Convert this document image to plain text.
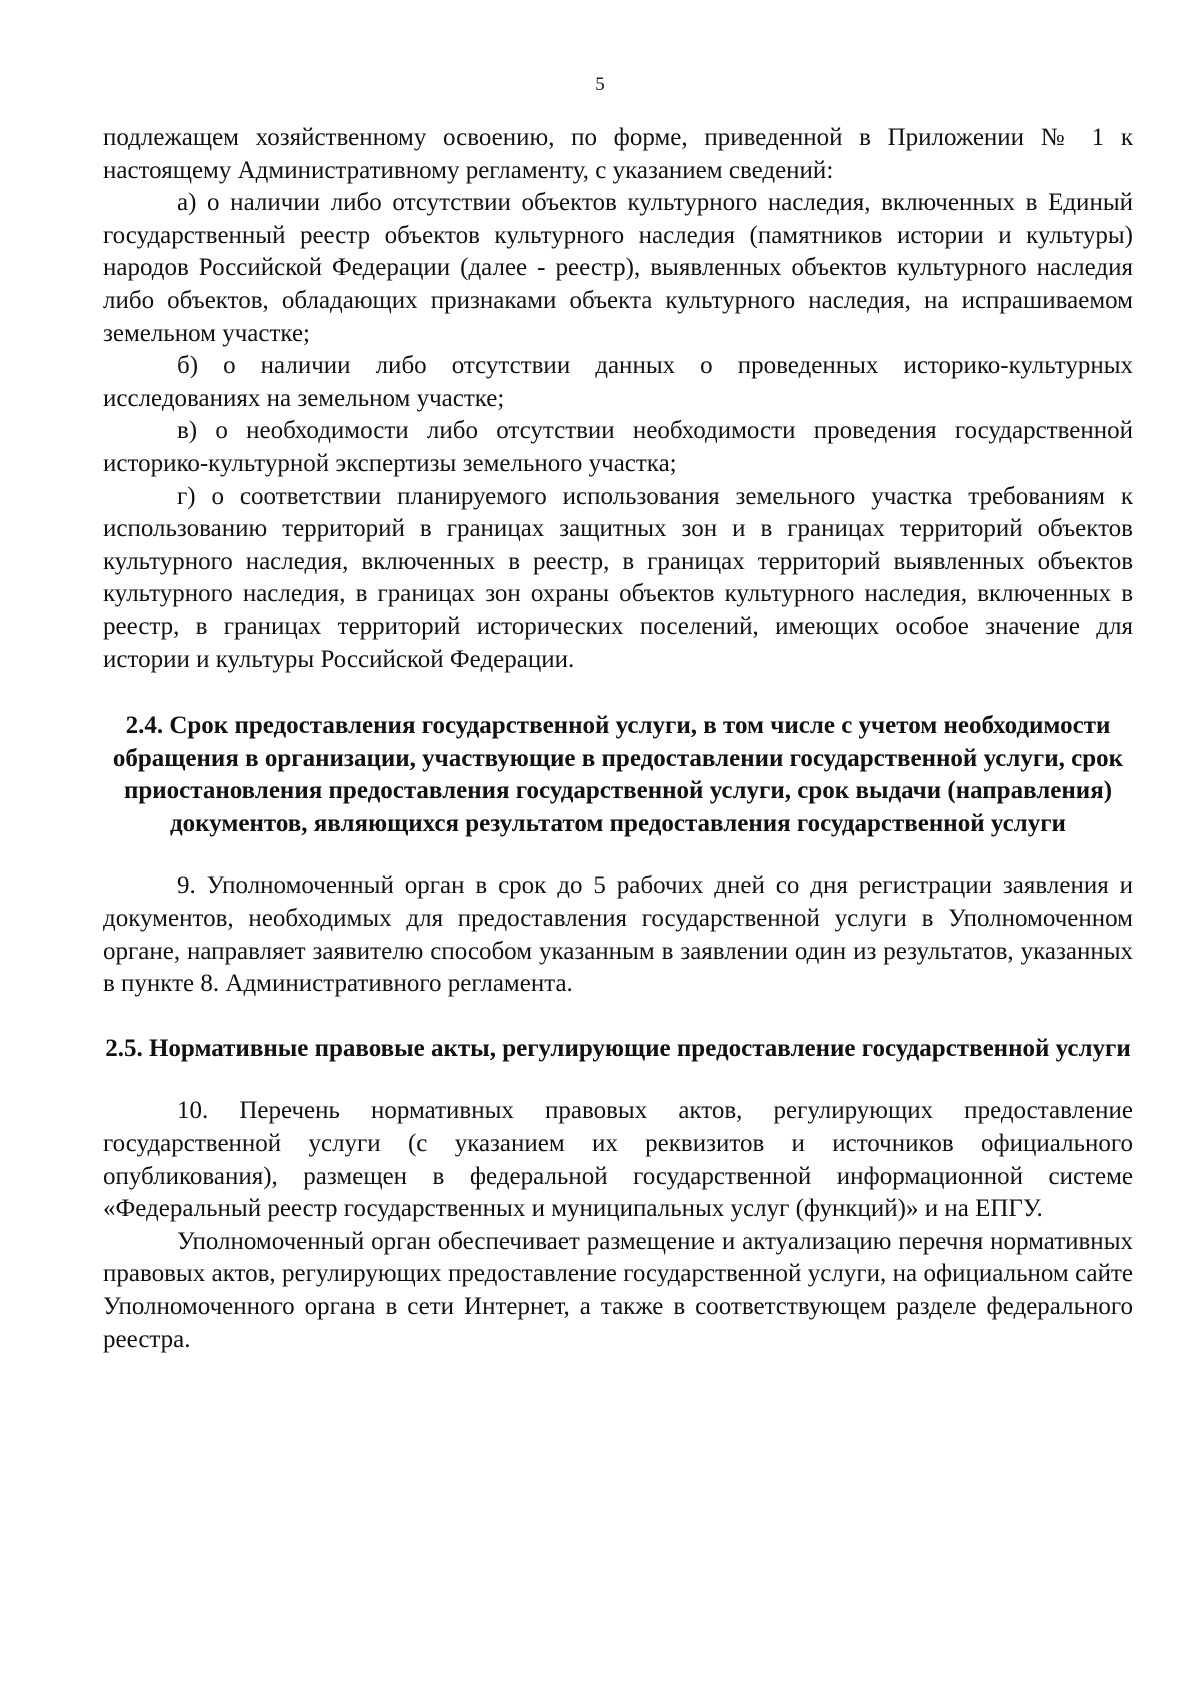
5

подлежащем хозяйственному освоению, по форме, приведенной в Приложении № 1 к настоящему Административному регламенту, с указанием сведений:

а) о наличии либо отсутствии объектов культурного наследия, включенных в Единый государственный реестр объектов культурного наследия (памятников истории и культуры) народов Российской Федерации (далее - реестр), выявленных объектов культурного наследия либо объектов, обладающих признаками объекта культурного наследия, на испрашиваемом земельном участке;

б) о наличии либо отсутствии данных о проведенных историко-культурных исследованиях на земельном участке;

в) о необходимости либо отсутствии необходимости проведения государственной историко-культурной экспертизы земельного участка;

г) о соответствии планируемого использования земельного участка требованиям к использованию территорий в границах защитных зон и в границах территорий объектов культурного наследия, включенных в реестр, в границах территорий выявленных объектов культурного наследия, в границах зон охраны объектов культурного наследия, включенных в реестр, в границах территорий исторических поселений, имеющих особое значение для истории и культуры Российской Федерации.

2.4. Срок предоставления государственной услуги, в том числе с учетом необходимости обращения в организации, участвующие в предоставлении государственной услуги, срок приостановления предоставления государственной услуги, срок выдачи (направления) документов, являющихся результатом предоставления государственной услуги

9. Уполномоченный орган в срок до 5 рабочих дней со дня регистрации заявления и документов, необходимых для предоставления государственной услуги в Уполномоченном органе, направляет заявителю способом указанным в заявлении один из результатов, указанных в пункте 8. Административного регламента.

2.5. Нормативные правовые акты, регулирующие предоставление государственной услуги

10. Перечень нормативных правовых актов, регулирующих предоставление государственной услуги (с указанием их реквизитов и источников официального опубликования), размещен в федеральной государственной информационной системе «Федеральный реестр государственных и муниципальных услуг (функций)» и на ЕПГУ.

Уполномоченный орган обеспечивает размещение и актуализацию перечня нормативных правовых актов, регулирующих предоставление государственной услуги, на официальном сайте Уполномоченного органа в сети Интернет, а также в соответствующем разделе федерального реестра.
